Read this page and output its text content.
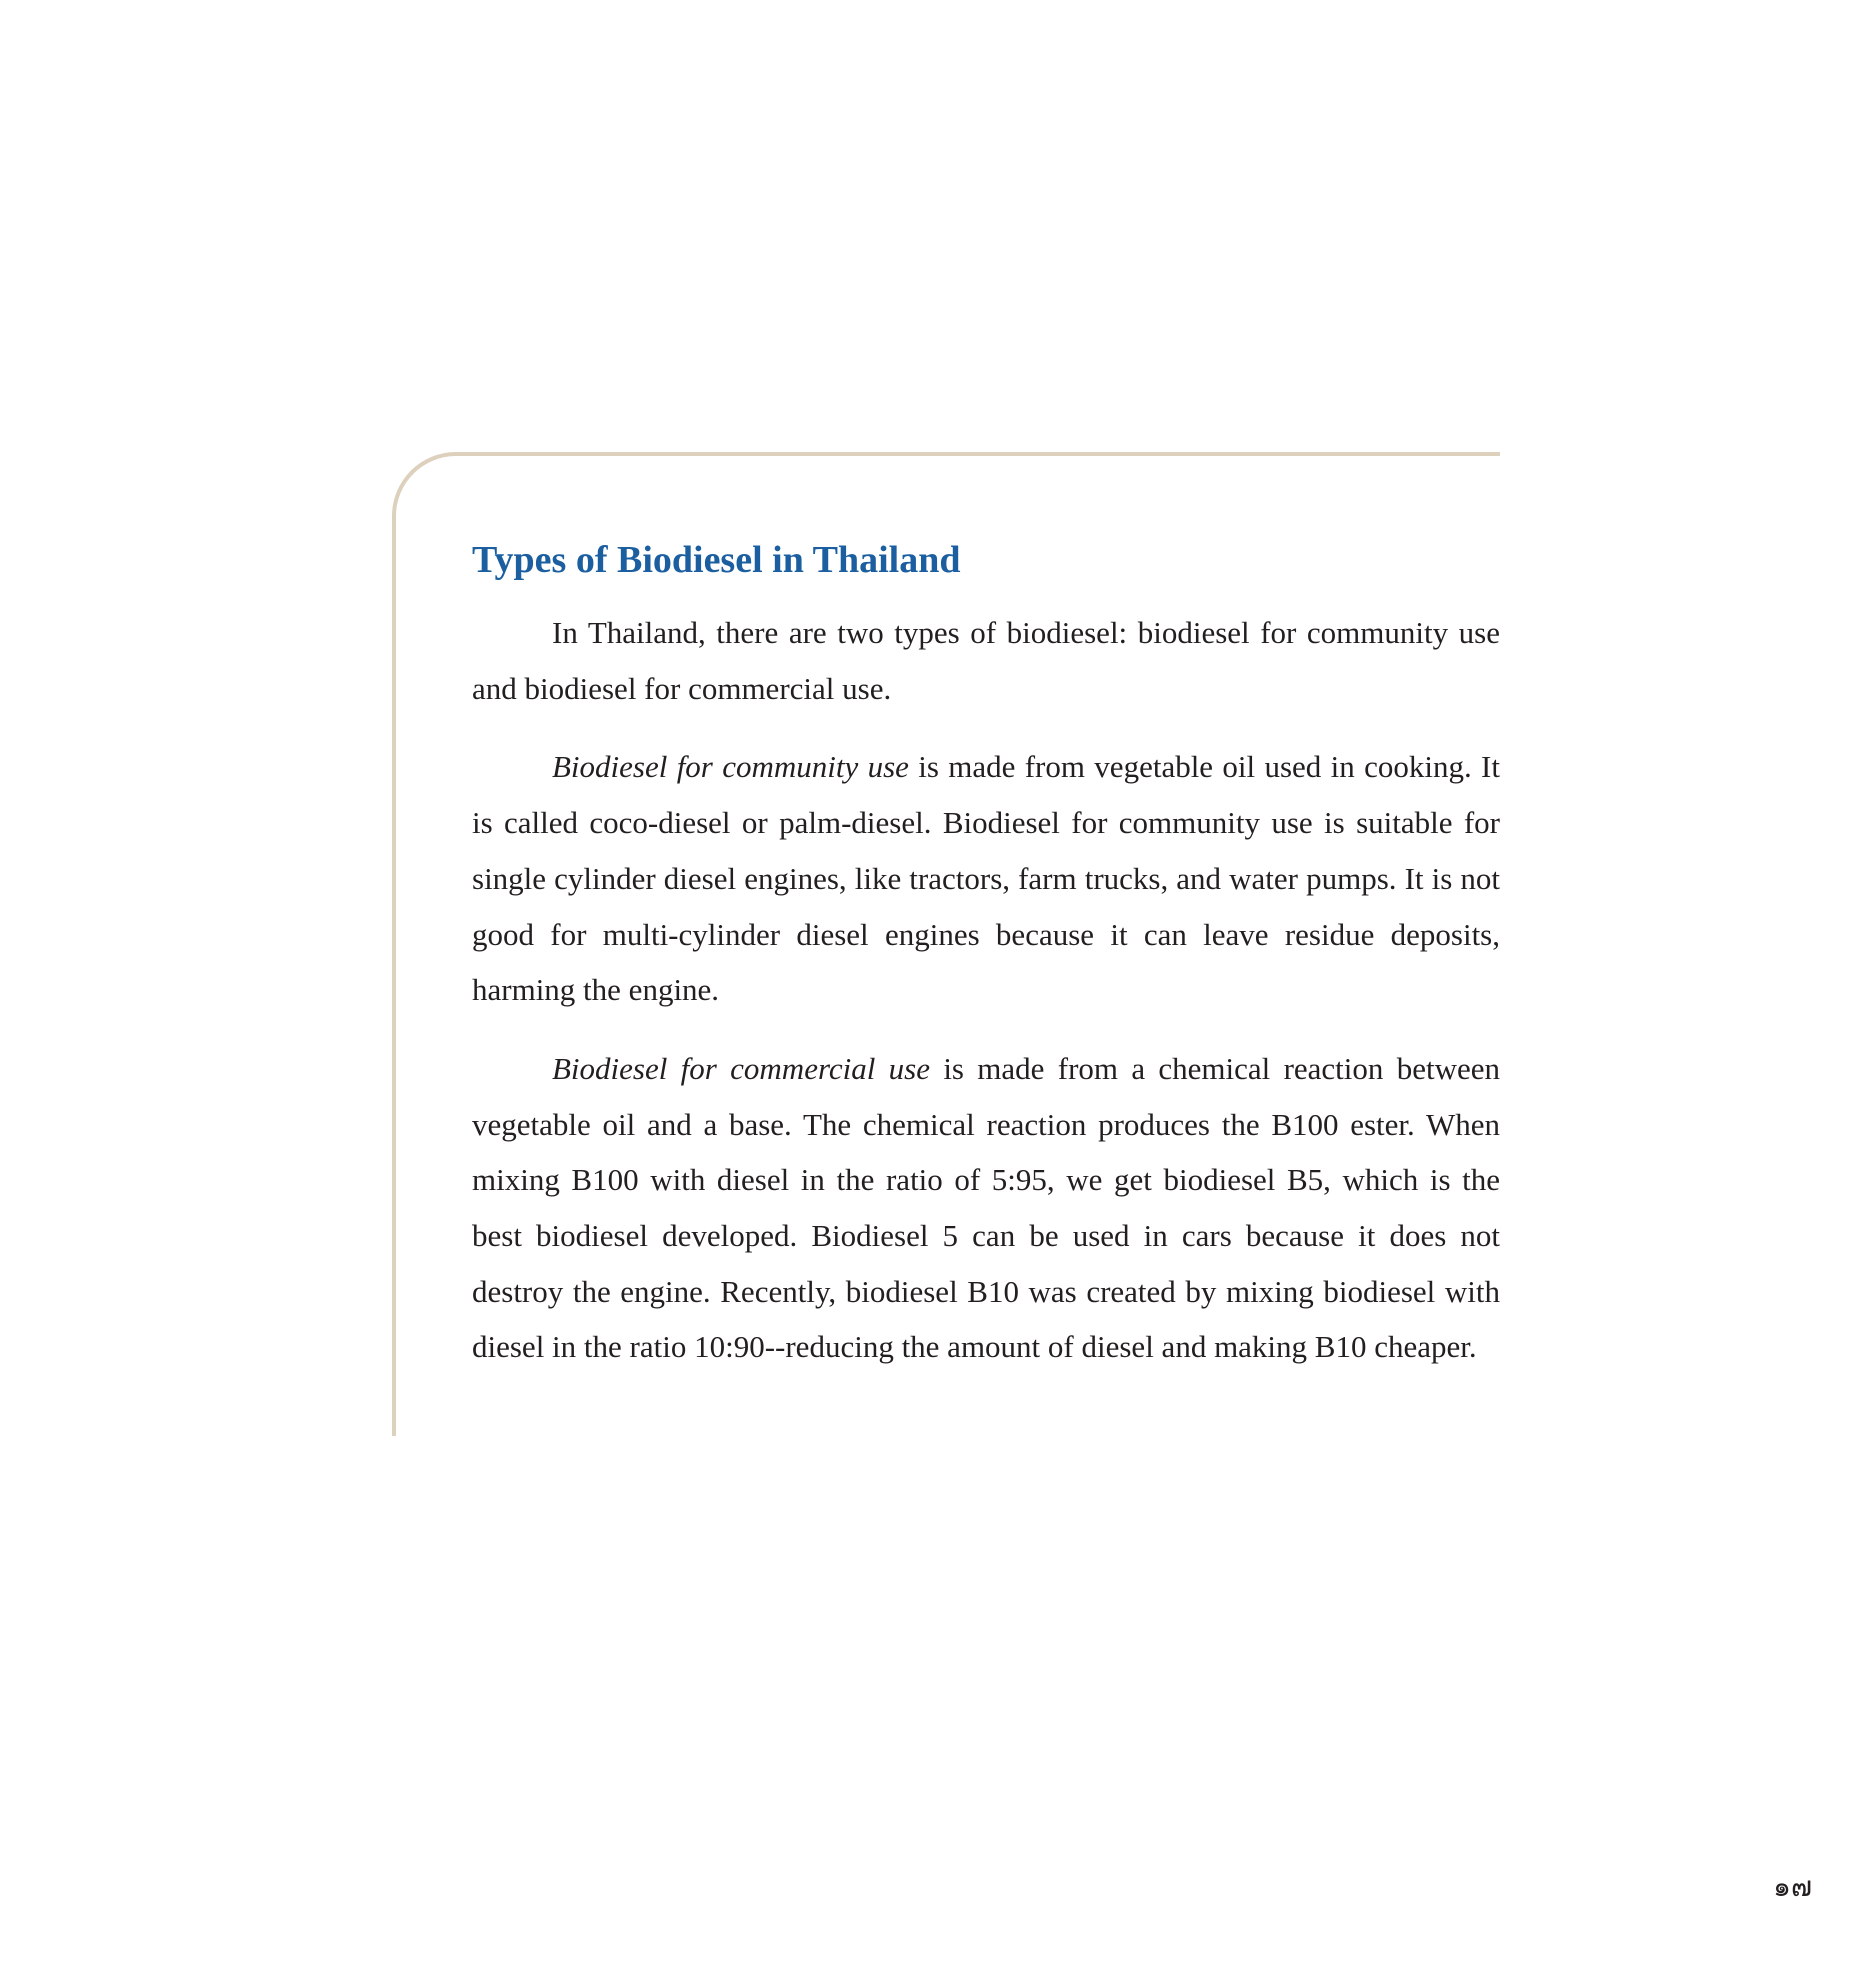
Types of Biodiesel in Thailand

In Thailand, there are two types of biodiesel: biodiesel for community use and biodiesel for commercial use.

Biodiesel for community use is made from vegetable oil used in cooking. It is called coco-diesel or palm-diesel. Biodiesel for community use is suitable for single cylinder diesel engines, like tractors, farm trucks, and water pumps. It is not good for multi-cylinder diesel engines because it can leave residue deposits, harming the engine.

Biodiesel for commercial use is made from a chemical reaction between vegetable oil and a base. The chemical reaction produces the B100 ester. When mixing B100 with diesel in the ratio of 5:95, we get biodiesel B5, which is the best biodiesel developed. Biodiesel 5 can be used in cars because it does not destroy the engine. Recently, biodiesel B10 was created by mixing biodiesel with diesel in the ratio 10:90--reducing the amount of diesel and making B10 cheaper.

๑๗
